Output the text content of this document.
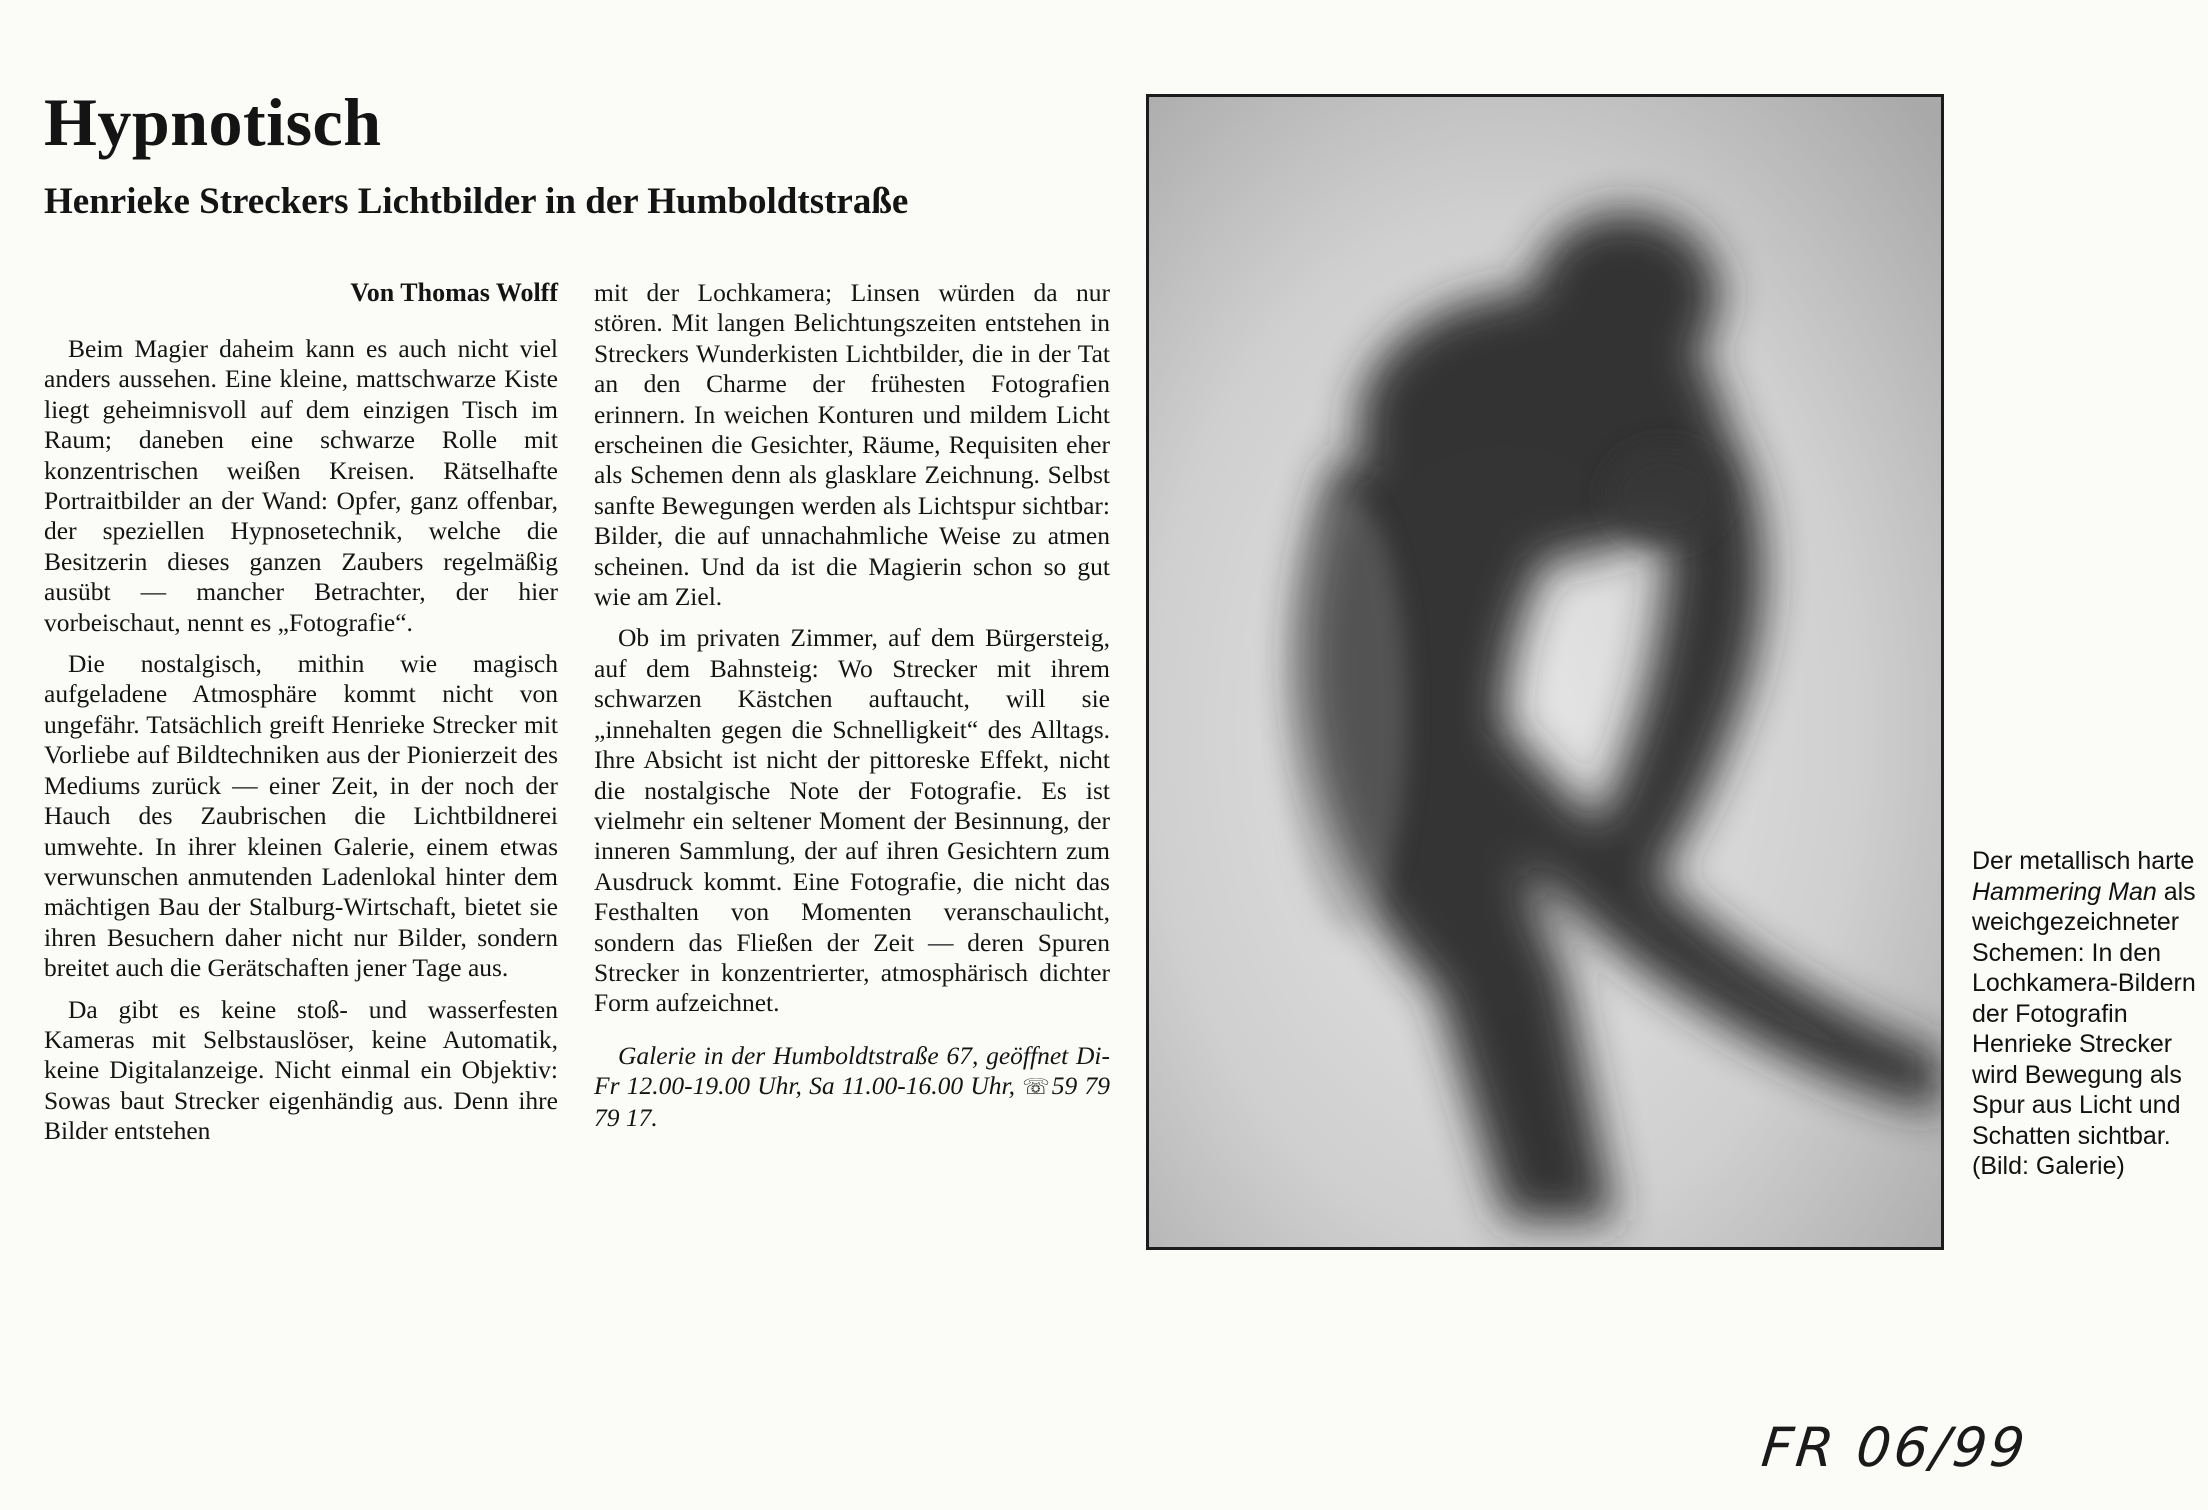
Hypnotisch
Henrieke Streckers Lichtbilder in der Humboldtstraße
Von Thomas Wolff

Beim Magier daheim kann es auch nicht viel anders aussehen. Eine kleine, mattschwarze Kiste liegt geheimnisvoll auf dem einzigen Tisch im Raum; daneben eine schwarze Rolle mit konzentrischen weißen Kreisen. Rätselhafte Portraitbilder an der Wand: Opfer, ganz offenbar, der speziellen Hypnosetechnik, welche die Besitzerin dieses ganzen Zaubers regelmäßig ausübt — mancher Betrachter, der hier vorbeischaut, nennt es „Fotografie“.

Die nostalgisch, mithin wie magisch aufgeladene Atmosphäre kommt nicht von ungefähr. Tatsächlich greift Henrieke Strecker mit Vorliebe auf Bildtechniken aus der Pionierzeit des Mediums zurück — einer Zeit, in der noch der Hauch des Zaubrischen die Lichtbildnerei umwehte. In ihrer kleinen Galerie, einem etwas verwunschen anmutenden Ladenlokal hinter dem mächtigen Bau der Stalburg-Wirtschaft, bietet sie ihren Besuchern daher nicht nur Bilder, sondern breitet auch die Gerätschaften jener Tage aus.

Da gibt es keine stoß- und wasserfesten Kameras mit Selbstauslöser, keine Automatik, keine Digitalanzeige. Nicht einmal ein Objektiv: Sowas baut Strecker eigenhändig aus. Denn ihre Bilder entstehen

mit der Lochkamera; Linsen würden da nur stören. Mit langen Belichtungszeiten entstehen in Streckers Wunderkisten Lichtbilder, die in der Tat an den Charme der frühesten Fotografien erinnern. In weichen Konturen und mildem Licht erscheinen die Gesichter, Räume, Requisiten eher als Schemen denn als glasklare Zeichnung. Selbst sanfte Bewegungen werden als Lichtspur sichtbar: Bilder, die auf unnachahmliche Weise zu atmen scheinen. Und da ist die Magierin schon so gut wie am Ziel.

Ob im privaten Zimmer, auf dem Bürgersteig, auf dem Bahnsteig: Wo Strecker mit ihrem schwarzen Kästchen auftaucht, will sie „innehalten gegen die Schnelligkeit“ des Alltags. Ihre Absicht ist nicht der pittoreske Effekt, nicht die nostalgische Note der Fotografie. Es ist vielmehr ein seltener Moment der Besinnung, der inneren Sammlung, der auf ihren Gesichtern zum Ausdruck kommt. Eine Fotografie, die nicht das Festhalten von Momenten veranschaulicht, sondern das Fließen der Zeit — deren Spuren Strecker in konzentrierter, atmosphärisch dichter Form aufzeichnet.

Galerie in der Humboldtstraße 67, geöffnet Di-Fr 12.00-19.00 Uhr, Sa 11.00-16.00 Uhr, ☏59 79 79 17.

Der metallisch harte Hammering Man als weichgezeichneter Schemen: In den Lochkamera-Bildern der Fotografin Henrieke Strecker wird Bewegung als Spur aus Licht und Schatten sichtbar.
(Bild: Galerie)
FR 06/99
